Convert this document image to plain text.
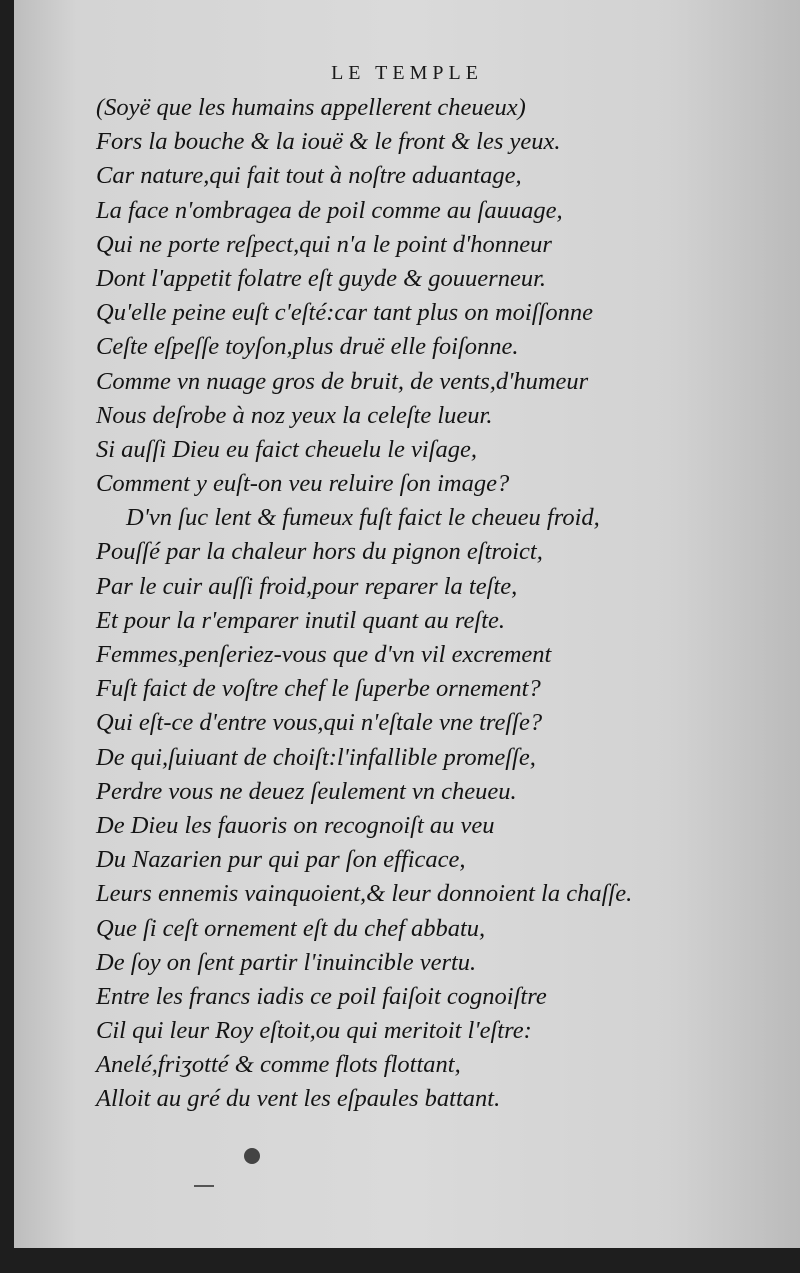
LE TEMPLE
(Soyë que les humains appellerent cheueux)
Fors la bouche & la iouë & le front & les yeux.
Car nature,qui fait tout à noſtre aduantage,
La face n'ombragea de poil comme au ſauuage,
Qui ne porte reſpect,qui n'a le point d'honneur
Dont l'appetit folatre eſt guyde & gouuerneur.
Qu'elle peine euſt c'eſté:car tant plus on moiſſonne
Ceſte eſpeſſe toyſon,plus druë elle foiſonne.
Comme vn nuage gros de bruit, de vents,d'humeur
Nous deſrobe à noz yeux la celeſte lueur.
Si auſſi Dieu eu faict cheuelu le viſage,
Comment y euſt-on veu reluire ſon image?
D'vn ſuc lent & fumeux fuſt faict le cheueu froid,
Pouſſé par la chaleur hors du pignon eſtroict,
Par le cuir auſſi froid,pour reparer la teſte,
Et pour la r'emparer inutil quant au reſte.
Femmes,penſeriez-vous que d'vn vil excrement
Fuſt faict de voſtre chef le ſuperbe ornement?
Qui eſt-ce d'entre vous,qui n'eſtale vne treſſe?
De qui,ſuiuant de choiſt:l'infallible promeſſe,
Perdre vous ne deuez ſeulement vn cheueu.
De Dieu les fauoris on recognoiſt au veu
Du Nazarien pur qui par ſon efficace,
Leurs ennemis vainquoient,& leur donnoient la chaſſe.
Que ſi ceſt ornement eſt du chef abbatu,
De ſoy on ſent partir l'inuincible vertu.
Entre les francs iadis ce poil faiſoit cognoiſtre
Cil qui leur Roy eſtoit,ou qui meritoit l'eſtre:
Anelé,friʒotté & comme flots flottant,
Alloit au gré du vent les eſpaules battant.
